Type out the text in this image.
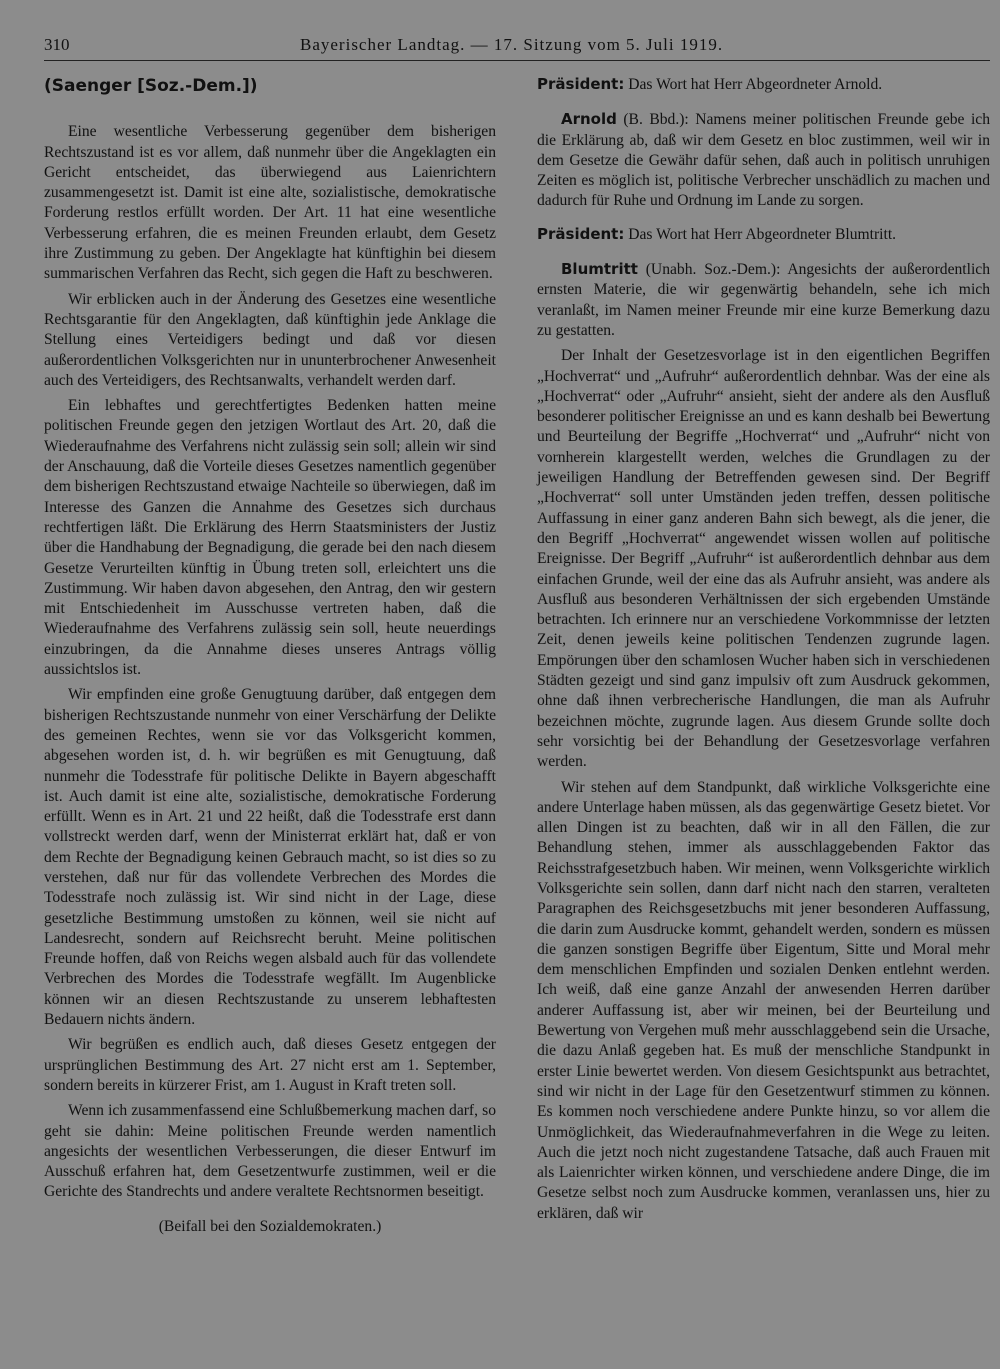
310	Bayerischer Landtag. — 17. Sitzung vom 5. Juli 1919.

(Saenger [Soz.-Dem.])

Eine wesentliche Verbesserung gegenüber dem bisherigen Rechtszustand ist es vor allem, daß nunmehr über die Angeklagten ein Gericht entscheidet, das überwiegend aus Laienrichtern zusammengesetzt ist. Damit ist eine alte, sozialistische, demokratische Forderung restlos erfüllt worden. Der Art. 11 hat eine wesentliche Verbesserung erfahren, die es meinen Freunden erlaubt, dem Gesetz ihre Zustimmung zu geben. Der Angeklagte hat künftighin bei diesem summarischen Verfahren das Recht, sich gegen die Haft zu beschweren.

Wir erblicken auch in der Änderung des Gesetzes eine wesentliche Rechtsgarantie für den Angeklagten, daß künftighin jede Anklage die Stellung eines Verteidigers bedingt und daß vor diesen außerordentlichen Volksgerichten nur in ununterbrochener Anwesenheit auch des Verteidigers, des Rechtsanwalts, verhandelt werden darf.

Ein lebhaftes und gerechtfertigtes Bedenken hatten meine politischen Freunde gegen den jetzigen Wortlaut des Art. 20, daß die Wiederaufnahme des Verfahrens nicht zulässig sein soll; allein wir sind der Anschauung, daß die Vorteile dieses Gesetzes namentlich gegenüber dem bisherigen Rechtszustand etwaige Nachteile so überwiegen, daß im Interesse des Ganzen die Annahme des Gesetzes sich durchaus rechtfertigen läßt. Die Erklärung des Herrn Staatsministers der Justiz über die Handhabung der Begnadigung, die gerade bei den nach diesem Gesetze Verurteilten künftig in Übung treten soll, erleichtert uns die Zustimmung. Wir haben davon abgesehen, den Antrag, den wir gestern mit Entschiedenheit im Ausschusse vertreten haben, daß die Wiederaufnahme des Verfahrens zulässig sein soll, heute neuerdings einzubringen, da die Annahme dieses unseres Antrags völlig aussichtslos ist.

Wir empfinden eine große Genugtuung darüber, daß entgegen dem bisherigen Rechtszustande nunmehr von einer Verschärfung der Delikte des gemeinen Rechtes, wenn sie vor das Volksgericht kommen, abgesehen worden ist, d. h. wir begrüßen es mit Genugtuung, daß nunmehr die Todesstrafe für politische Delikte in Bayern abgeschafft ist. Auch damit ist eine alte, sozialistische, demokratische Forderung erfüllt. Wenn es in Art. 21 und 22 heißt, daß die Todesstrafe erst dann vollstreckt werden darf, wenn der Ministerrat erklärt hat, daß er von dem Rechte der Begnadigung keinen Gebrauch macht, so ist dies so zu verstehen, daß nur für das vollendete Verbrechen des Mordes die Todesstrafe noch zulässig ist. Wir sind nicht in der Lage, diese gesetzliche Bestimmung umstoßen zu können, weil sie nicht auf Landesrecht, sondern auf Reichsrecht beruht. Meine politischen Freunde hoffen, daß von Reichs wegen alsbald auch für das vollendete Verbrechen des Mordes die Todesstrafe wegfällt. Im Augenblicke können wir an diesen Rechtszustande zu unserem lebhaftesten Bedauern nichts ändern.

Wir begrüßen es endlich auch, daß dieses Gesetz entgegen der ursprünglichen Bestimmung des Art. 27 nicht erst am 1. September, sondern bereits in kürzerer Frist, am 1. August in Kraft treten soll.

Wenn ich zusammenfassend eine Schlußbemerkung machen darf, so geht sie dahin: Meine politischen Freunde werden namentlich angesichts der wesentlichen Verbesserungen, die dieser Entwurf im Ausschuß erfahren hat, dem Gesetzentwurfe zustimmen, weil er die Gerichte des Standrechts und andere veraltete Rechtsnormen beseitigt.

(Beifall bei den Sozialdemokraten.)

Präsident: Das Wort hat Herr Abgeordneter Arnold.

Arnold (B. Bbd.): Namens meiner politischen Freunde gebe ich die Erklärung ab, daß wir dem Gesetz en bloc zustimmen, weil wir in dem Gesetze die Gewähr dafür sehen, daß auch in politisch unruhigen Zeiten es möglich ist, politische Verbrecher unschädlich zu machen und dadurch für Ruhe und Ordnung im Lande zu sorgen.

Präsident: Das Wort hat Herr Abgeordneter Blumtritt.

Blumtritt (Unabh. Soz.-Dem.): Angesichts der außerordentlich ernsten Materie, die wir gegenwärtig behandeln, sehe ich mich veranlaßt, im Namen meiner Freunde mir eine kurze Bemerkung dazu zu gestatten.

Der Inhalt der Gesetzesvorlage ist in den eigentlichen Begriffen „Hochverrat“ und „Aufruhr“ außerordentlich dehnbar. Was der eine als „Hochverrat“ oder „Aufruhr“ ansieht, sieht der andere als den Ausfluß besonderer politischer Ereignisse an und es kann deshalb bei Bewertung und Beurteilung der Begriffe „Hochverrat“ und „Aufruhr“ nicht von vornherein klargestellt werden, welches die Grundlagen zu der jeweiligen Handlung der Betreffenden gewesen sind. Der Begriff „Hochverrat“ soll unter Umständen jeden treffen, dessen politische Auffassung in einer ganz anderen Bahn sich bewegt, als die jener, die den Begriff „Hochverrat“ angewendet wissen wollen auf politische Ereignisse. Der Begriff „Aufruhr“ ist außerordentlich dehnbar aus dem einfachen Grunde, weil der eine das als Aufruhr ansieht, was andere als Ausfluß aus besonderen Verhältnissen der sich ergebenden Umstände betrachten. Ich erinnere nur an verschiedene Vorkommnisse der letzten Zeit, denen jeweils keine politischen Tendenzen zugrunde lagen. Empörungen über den schamlosen Wucher haben sich in verschiedenen Städten gezeigt und sind ganz impulsiv oft zum Ausdruck gekommen, ohne daß ihnen verbrecherische Handlungen, die man als Aufruhr bezeichnen möchte, zugrunde lagen. Aus diesem Grunde sollte doch sehr vorsichtig bei der Behandlung der Gesetzesvorlage verfahren werden.

Wir stehen auf dem Standpunkt, daß wirkliche Volksgerichte eine andere Unterlage haben müssen, als das gegenwärtige Gesetz bietet. Vor allen Dingen ist zu beachten, daß wir in all den Fällen, die zur Behandlung stehen, immer als ausschlaggebenden Faktor das Reichsstrafgesetzbuch haben. Wir meinen, wenn Volksgerichte wirklich Volksgerichte sein sollen, dann darf nicht nach den starren, veralteten Paragraphen des Reichsgesetzbuchs mit jener besonderen Auffassung, die darin zum Ausdrucke kommt, gehandelt werden, sondern es müssen die ganzen sonstigen Begriffe über Eigentum, Sitte und Moral mehr dem menschlichen Empfinden und sozialen Denken entlehnt werden. Ich weiß, daß eine ganze Anzahl der anwesenden Herren darüber anderer Auffassung ist, aber wir meinen, bei der Beurteilung und Bewertung von Vergehen muß mehr ausschlaggebend sein die Ursache, die dazu Anlaß gegeben hat. Es muß der menschliche Standpunkt in erster Linie bewertet werden. Von diesem Gesichtspunkt aus betrachtet, sind wir nicht in der Lage für den Gesetzentwurf stimmen zu können. Es kommen noch verschiedene andere Punkte hinzu, so vor allem die Unmöglichkeit, das Wiederaufnahmeverfahren in die Wege zu leiten. Auch die jetzt noch nicht zugestandene Tatsache, daß auch Frauen mit als Laienrichter wirken können, und verschiedene andere Dinge, die im Gesetze selbst noch zum Ausdrucke kommen, veranlassen uns, hier zu erklären, daß wir
